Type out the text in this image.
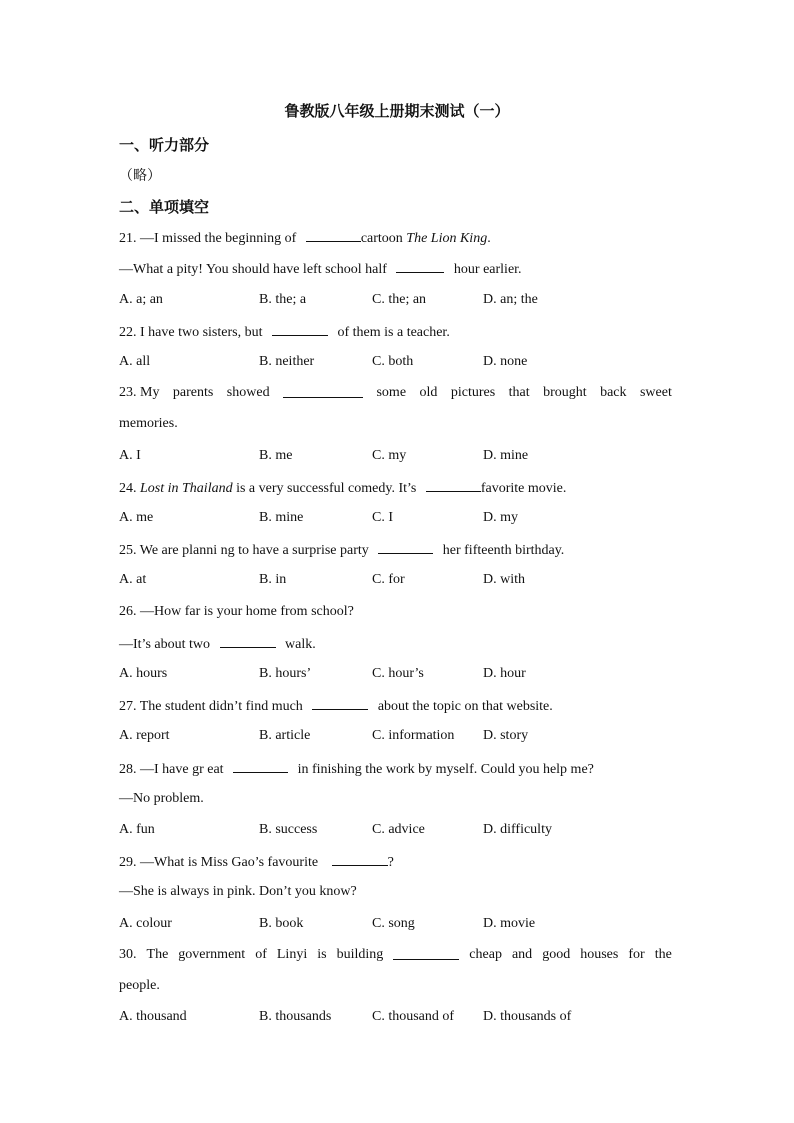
鲁教版八年级上册期末测试（一）
一、听力部分
（略）
二、单项填空
21. —I missed the beginning of	cartoon The Lion King.
—What a pity! You should have left school half	hour earlier.
A. a; an	B. the; a	C. the; an	D. an; the
22. I have two sisters, but	of them is a teacher.
A. all	B. neither	C. both	D. none
23. My parents showed	some old pictures that brought back sweet
memories.
A. I	B. me	C. my	D. mine
24. Lost in Thailand is a very successful comedy. It’s	favorite movie.
A. me	B. mine	C. I	D. my
25. We are planni ng to have a surprise party	her fifteenth birthday.
A. at	B. in	C. for	D. with
26. —How far is your home from school?
—It’s about two	walk.
A. hours	B. hours’	C. hour’s	D. hour
27. The student didn’t find much	about the topic on that website.
A. report	B. article	C. information D. story
28. —I have gr eat	in finishing the work by myself. Could you help me?
—No problem.
A. fun	B. success	C. advice	D. difficulty
29. —What is Miss Gao’s favourite	?
—She is always in pink. Don’t you know?
A. colour	B. book	C. song	D. movie
30. The government of Linyi is building	cheap and good houses for the
people.
A. thousand	B. thousands	C. thousand of D. thousands of
